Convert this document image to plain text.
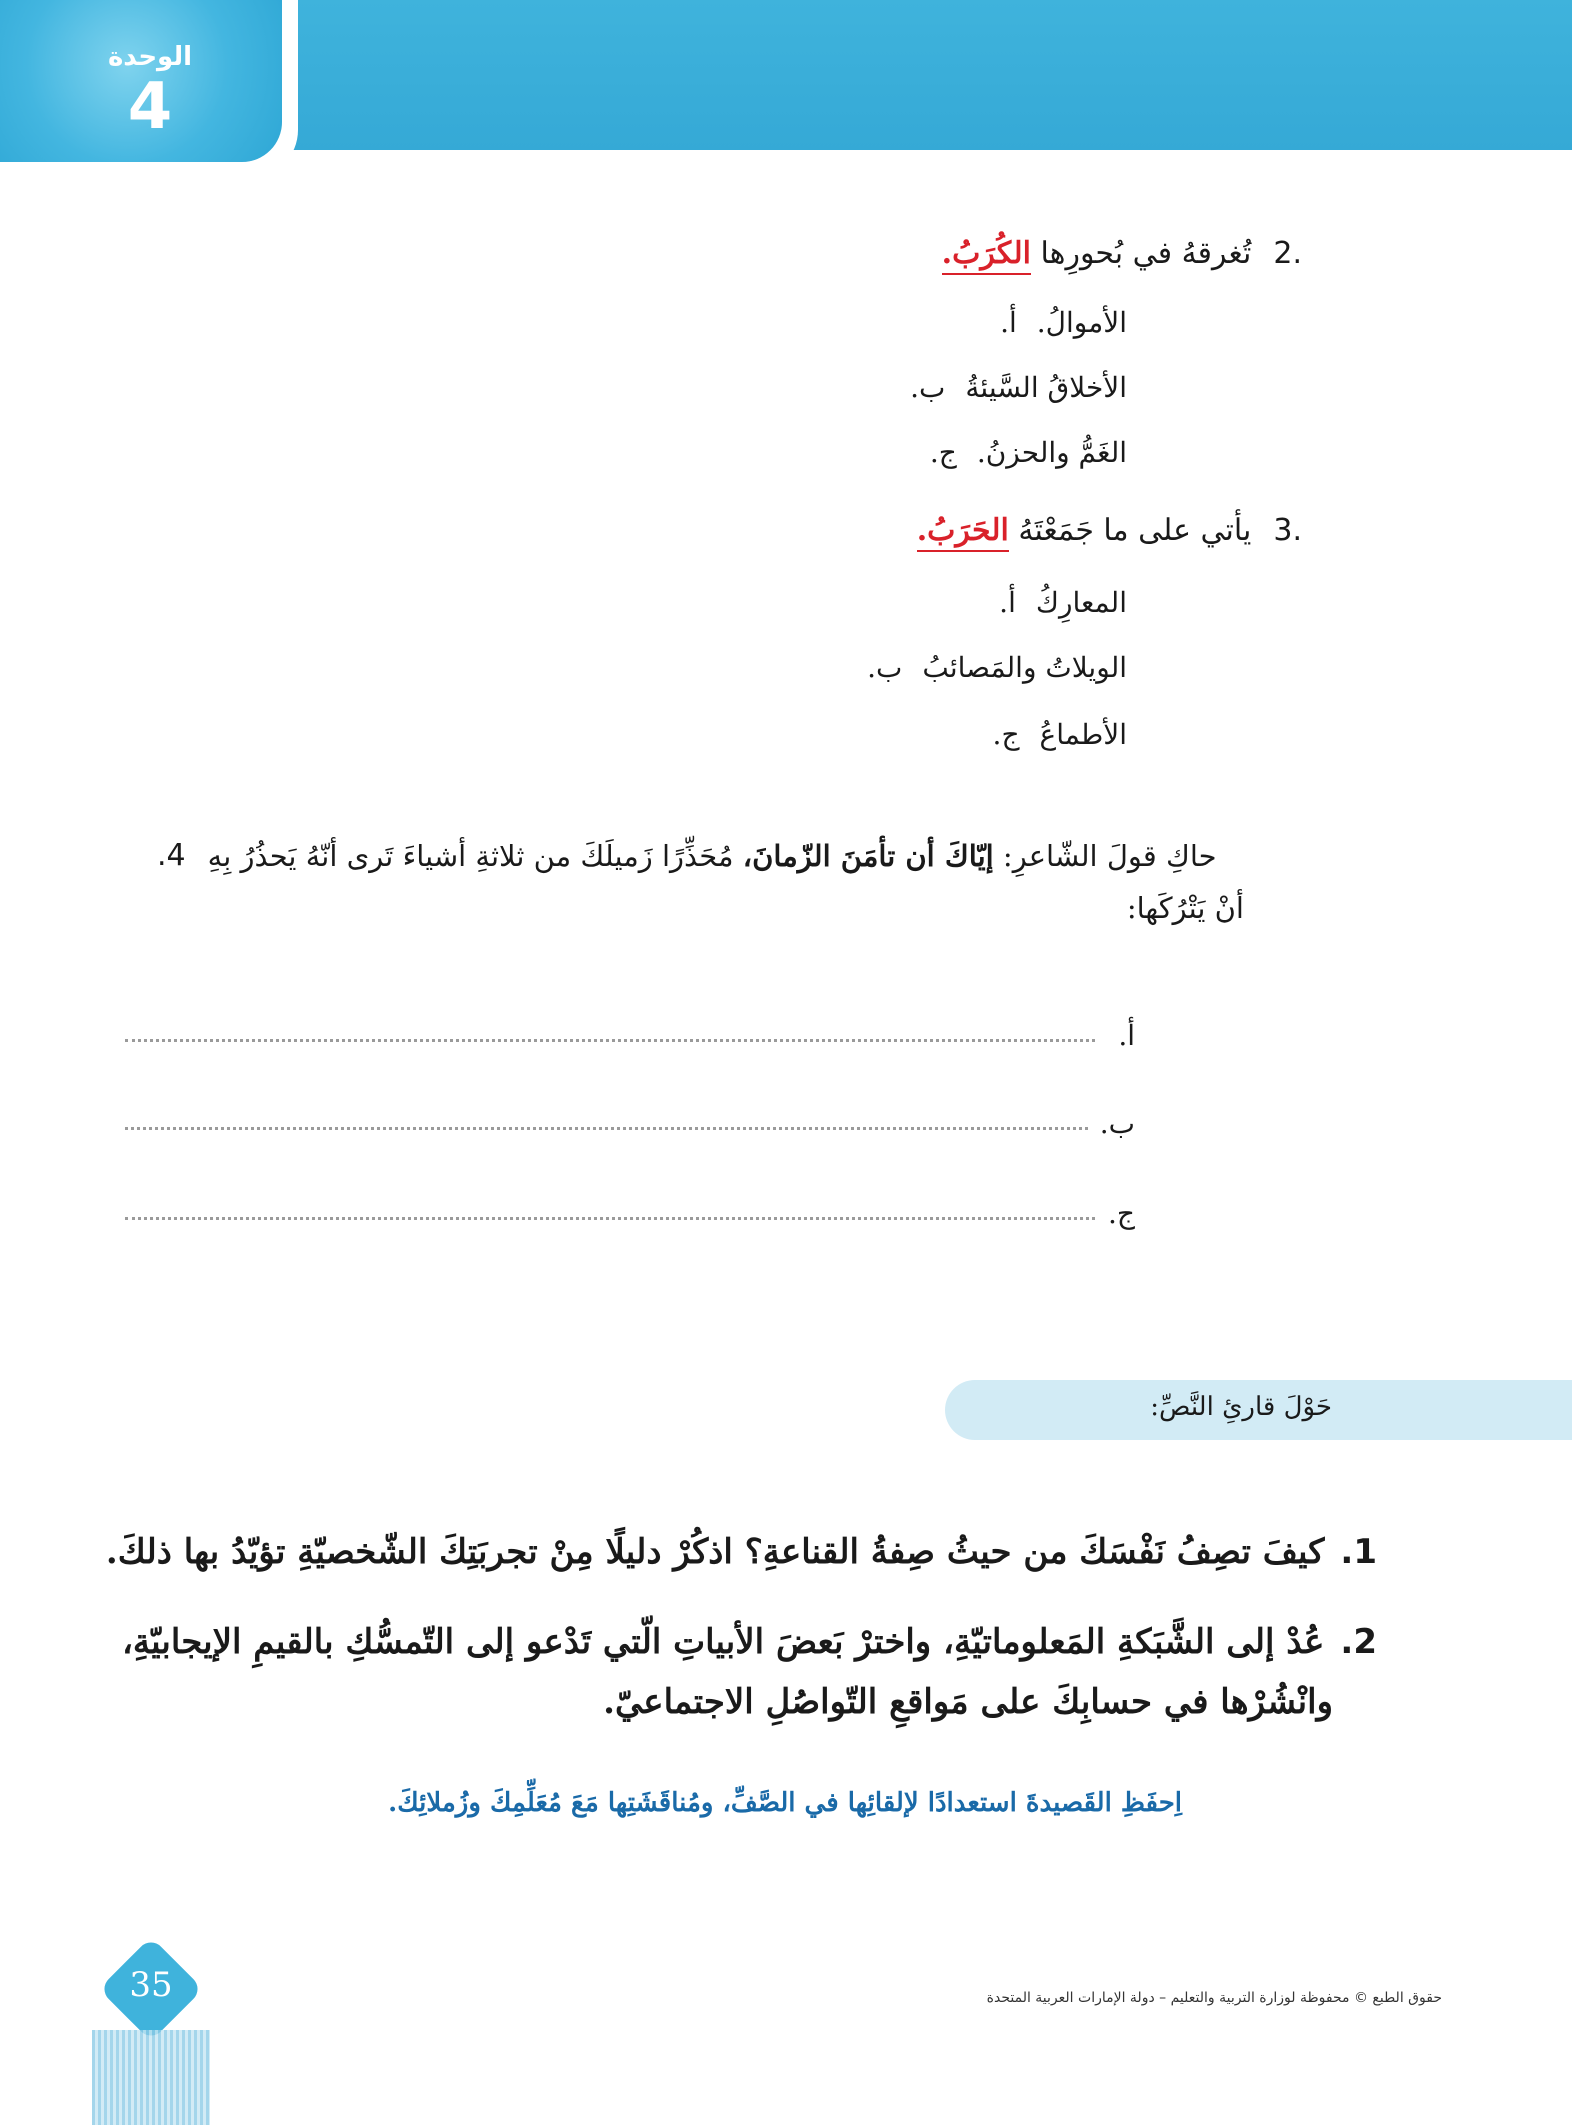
الوحدة
4
2.
تُغرقهُ في بُحورِها الكُرَبُ.
أ. الأموالُ.
ب. الأخلاقُ السَّيئةُ
ج. الغَمُّ والحزنُ.
3.
يأتي على ما جَمَعْتَهُ الحَرَبُ.
أ. المعارِكُ
ب. الويلاتُ والمَصائبُ
ج. الأطماعُ
4.	حاكِ قولَ الشّاعرِ: إيّاكَ أن تأمَنَ الزّمانَ، مُحَذِّرًا زَميلَكَ من ثلاثةِ أشياءَ تَرى أنّهُ يَحذُرُ بِهِ
أنْ يَتْرُكَها:
أ.
ب.
ج.
حَوْلَ قارئِ النَّصِّ:
1.كيفَ تصِفُ نَفْسَكَ من حيثُ صِفةُ القناعةِ؟ اذكُرْ دليلًا مِنْ تجربَتِكَ الشّخصيّةِ تؤيّدُ بها ذلكَ.
2.عُدْ إلى الشَّبَكةِ المَعلوماتيّةِ، واخترْ بَعضَ الأبياتِ الّتي تَدْعو إلى التّمسُّكِ بالقيمِ الإيجابيّةِ،
وانْشُرْها في حسابِكَ على مَواقعِ التّواصُلِ الاجتماعيّ.
اِحفَظِ القَصيدةَ استعدادًا لإلقائِها في الصَّفِّ، ومُناقَشَتِها مَعَ مُعَلِّمِكَ وزُملائِكَ.
35	حقوق الطبع © محفوظة لوزارة التربية والتعليم – دولة الإمارات العربية المتحدة
